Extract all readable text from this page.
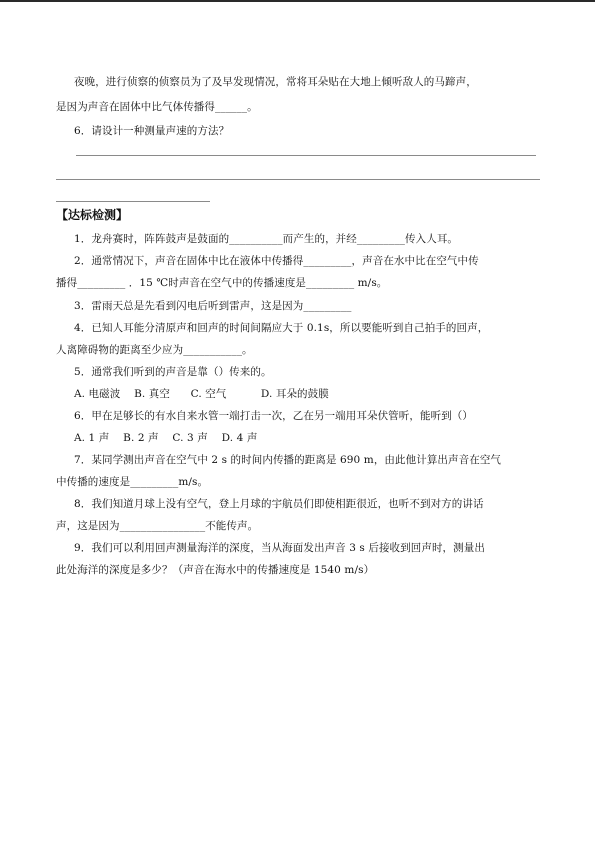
夜晚，进行侦察的侦察员为了及早发现情况，常将耳朵贴在大地上倾听敌人的马蹄声，
是因为声音在固体中比气体传播得______。
6．请设计一种测量声速的方法？
【达标检测】
1．龙舟赛时，阵阵鼓声是鼓面的__________而产生的，并经_________传入人耳。
2．通常情况下，声音在固体中比在液体中传播得_________，声音在水中比在空气中传
播得_________ ．15 ℃时声音在空气中的传播速度是_________ m/s。
3．雷雨天总是先看到闪电后听到雷声，这是因为_________
4．已知人耳能分清原声和回声的时间间隔应大于 0.1s，所以要能听到自己拍手的回声，
人离障碍物的距离至少应为___________。
5．通常我们听到的声音是靠（）传来的。
A. 电磁波    B. 真空      C. 空气          D. 耳朵的鼓膜
6．甲在足够长的有水自来水管一端打击一次，乙在另一端用耳朵伏管听，能听到（）
A. 1 声    B. 2 声    C. 3 声    D. 4 声
7．某同学测出声音在空气中 2 s 的时间内传播的距离是 690 m，由此他计算出声音在空气
中传播的速度是_________m/s。
8．我们知道月球上没有空气，登上月球的宇航员们即使相距很近，也听不到对方的讲话
声，这是因为________________不能传声。
9．我们可以利用回声测量海洋的深度，当从海面发出声音 3 s 后接收到回声时，测量出
此处海洋的深度是多少？（声音在海水中的传播速度是 1540 m/s）
